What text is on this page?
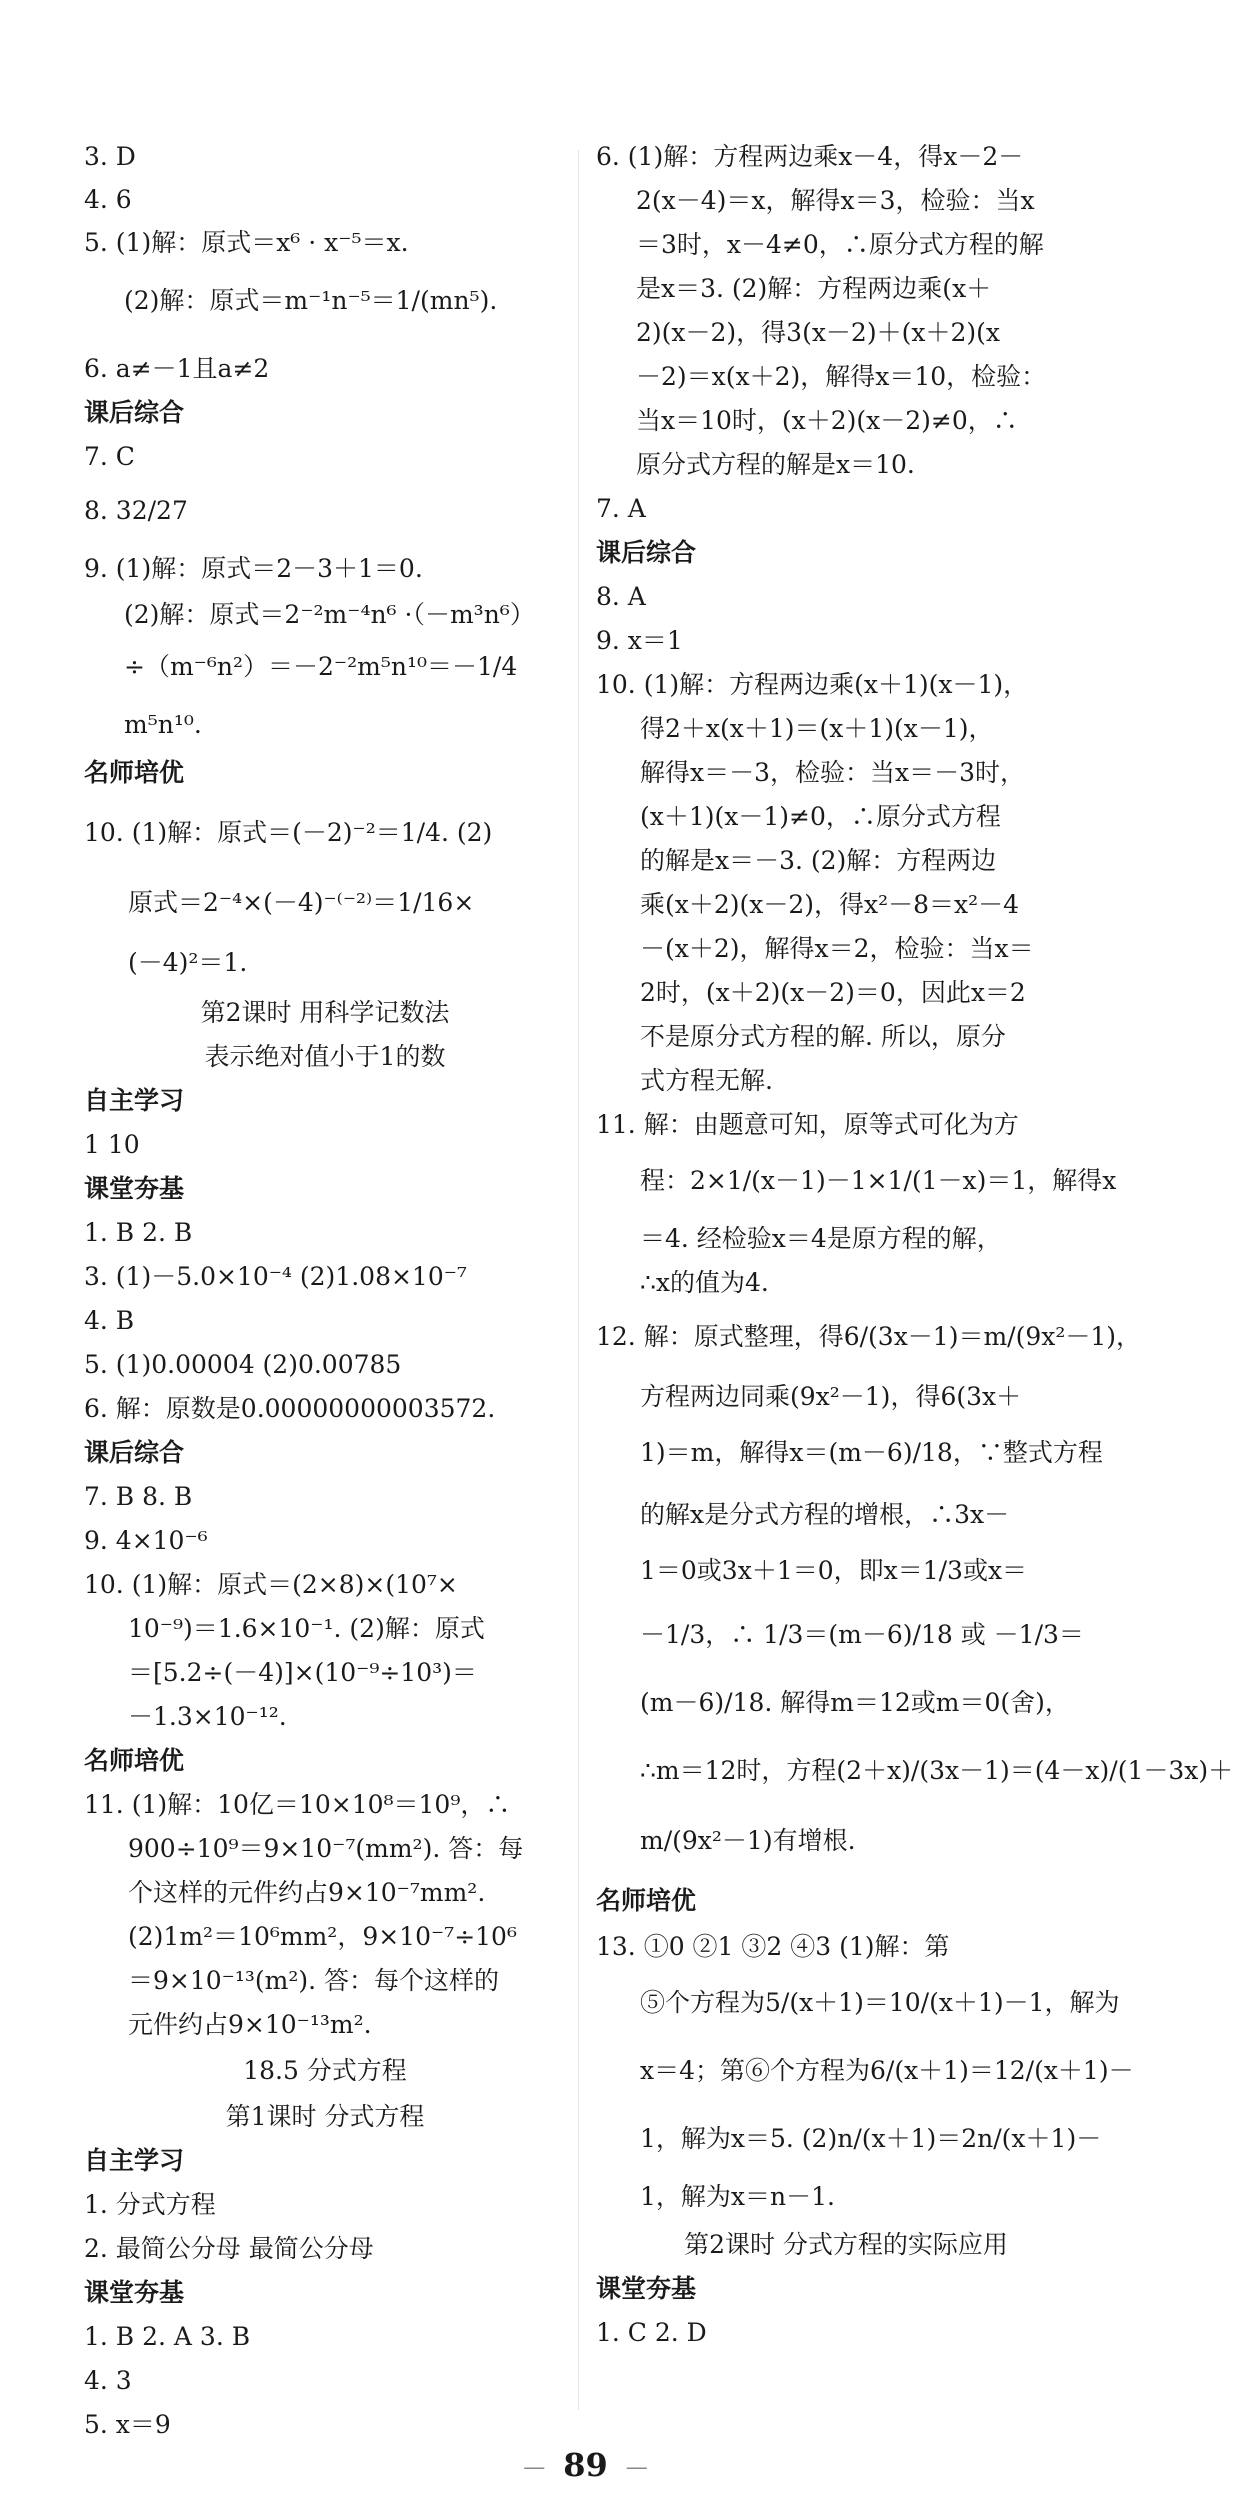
3. D
4. 6
5. (1)解：原式＝x⁶ · x⁻⁵＝x.
(2)解：原式＝m⁻¹n⁻⁵＝1/(mn⁵).
6. a≠－1且a≠2
课后综合
7. C
8. 32/27
9. (1)解：原式＝2－3＋1＝0.
(2)解：原式＝2⁻²m⁻⁴n⁶ ·（－m³n⁶）
÷（m⁻⁶n²）＝－2⁻²m⁵n¹⁰＝－1/4
m⁵n¹⁰.
名师培优
10. (1)解：原式＝(－2)⁻²＝1/4. (2)
原式＝2⁻⁴×(－4)⁻⁽⁻²⁾＝1/16×
(－4)²＝1.
第2课时 用科学记数法
表示绝对值小于1的数
自主学习
1 10
课堂夯基
1. B 2. B
3. (1)－5.0×10⁻⁴ (2)1.08×10⁻⁷
4. B
5. (1)0.00004 (2)0.00785
6. 解：原数是0.00000000003572.
课后综合
7. B 8. B
9. 4×10⁻⁶
10. (1)解：原式＝(2×8)×(10⁷×
10⁻⁹)＝1.6×10⁻¹. (2)解：原式
＝[5.2÷(－4)]×(10⁻⁹÷10³)＝
－1.3×10⁻¹².
名师培优
11. (1)解：10亿＝10×10⁸＝10⁹，∴
900÷10⁹＝9×10⁻⁷(mm²). 答：每
个这样的元件约占9×10⁻⁷mm².
(2)1m²＝10⁶mm²，9×10⁻⁷÷10⁶
＝9×10⁻¹³(m²). 答：每个这样的
元件约占9×10⁻¹³m².
18.5 分式方程
第1课时 分式方程
自主学习
1. 分式方程
2. 最简公分母 最简公分母
课堂夯基
1. B 2. A 3. B
4. 3
5. x＝9
6. (1)解：方程两边乘x－4，得x－2－
2(x－4)＝x，解得x＝3，检验：当x
＝3时，x－4≠0，∴原分式方程的解
是x＝3. (2)解：方程两边乘(x＋
2)(x－2)，得3(x－2)＋(x＋2)(x
－2)＝x(x＋2)，解得x＝10，检验：
当x＝10时，(x＋2)(x－2)≠0，∴
原分式方程的解是x＝10.
7. A
课后综合
8. A
9. x＝1
10. (1)解：方程两边乘(x＋1)(x－1)，
得2＋x(x＋1)＝(x＋1)(x－1)，
解得x＝－3，检验：当x＝－3时，
(x＋1)(x－1)≠0，∴原分式方程
的解是x＝－3. (2)解：方程两边
乘(x＋2)(x－2)，得x²－8＝x²－4
－(x＋2)，解得x＝2，检验：当x＝
2时，(x＋2)(x－2)＝0，因此x＝2
不是原分式方程的解. 所以，原分
式方程无解.
11. 解：由题意可知，原等式可化为方
程：2×1/(x－1)－1×1/(1－x)＝1，解得x
＝4. 经检验x＝4是原方程的解，
∴x的值为4.
12. 解：原式整理，得6/(3x－1)＝m/(9x²－1)，
方程两边同乘(9x²－1)，得6(3x＋
1)＝m，解得x＝(m－6)/18，∵整式方程
的解x是分式方程的增根，∴3x－
1＝0或3x＋1＝0，即x＝1/3或x＝
－1/3，∴ 1/3＝(m－6)/18 或 －1/3＝
(m－6)/18. 解得m＝12或m＝0(舍)，
∴m＝12时，方程(2＋x)/(3x－1)＝(4－x)/(1－3x)＋
m/(9x²－1)有增根.
名师培优
13. ①0 ②1 ③2 ④3 (1)解：第
⑤个方程为5/(x＋1)＝10/(x＋1)－1，解为
x＝4；第⑥个方程为6/(x＋1)＝12/(x＋1)－
1，解为x＝5. (2)n/(x＋1)＝2n/(x＋1)－
1，解为x＝n－1.
第2课时 分式方程的实际应用
课堂夯基
1. C 2. D
— 89 —
